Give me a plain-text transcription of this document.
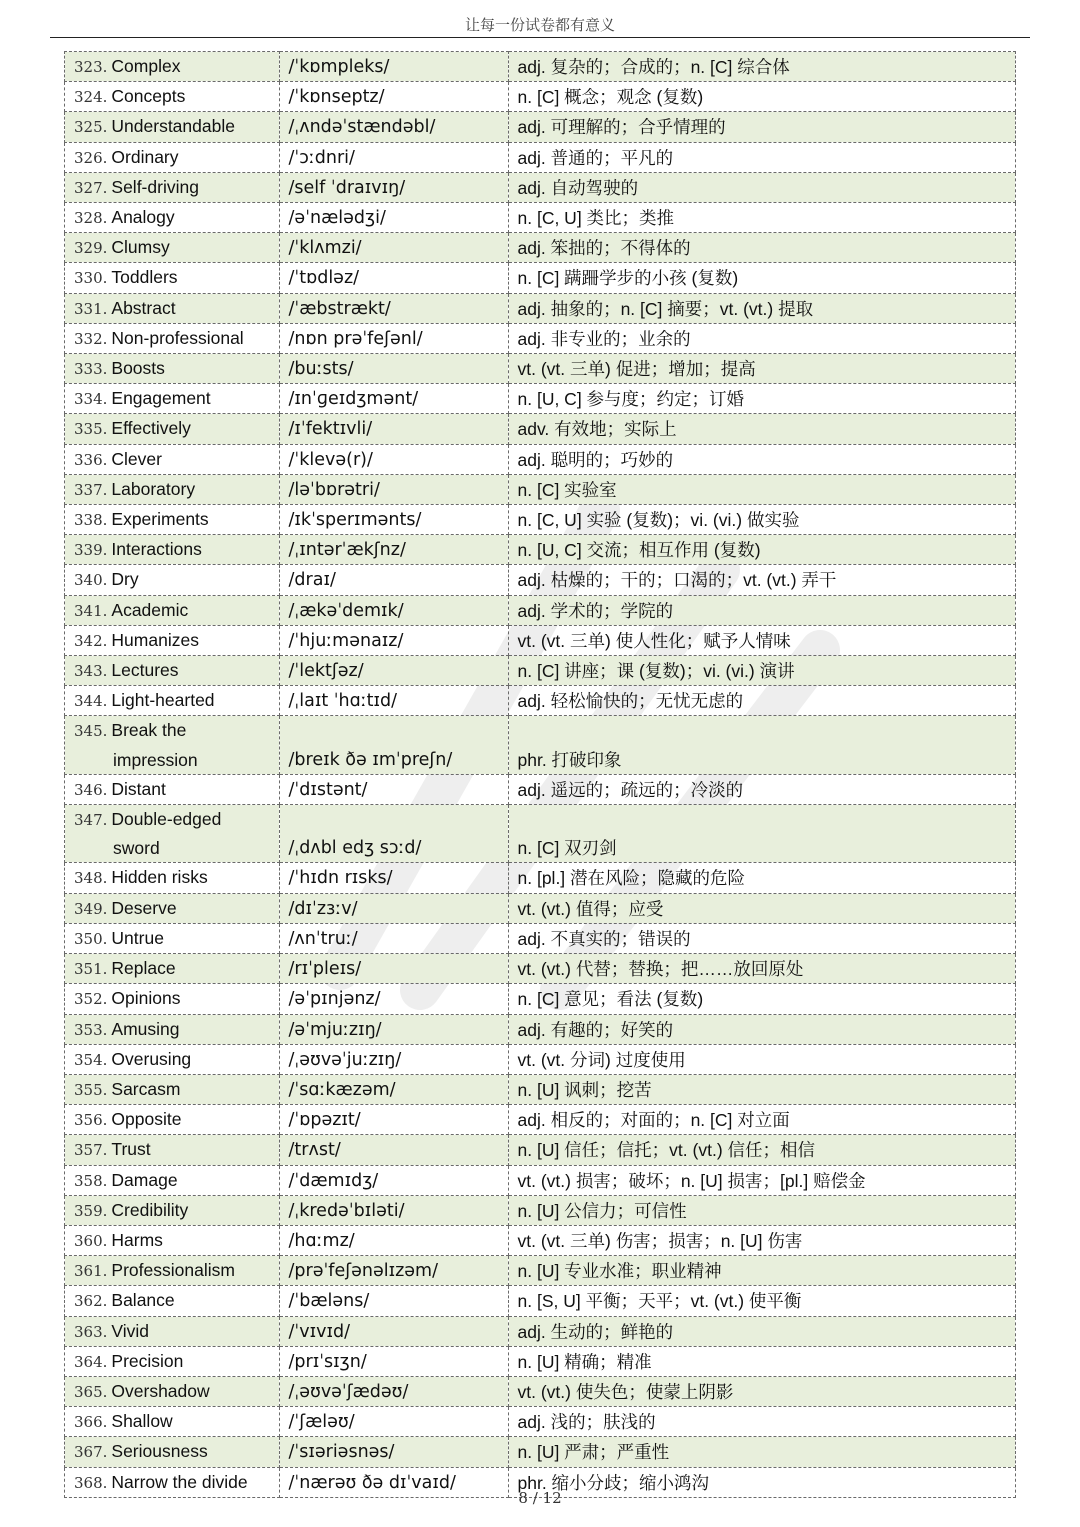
让每一份试卷都有意义
323. Complex	/ˈkɒmpleks/	adj. 复杂的；合成的；n. [C] 综合体
324. Concepts	/ˈkɒnseptz/	n. [C] 概念；观念 (复数)
325. Understandable	/ˌʌndəˈstændəbl/	adj. 可理解的；合乎情理的
326. Ordinary	/ˈɔːdnri/	adj. 普通的；平凡的
327. Self-driving	/self ˈdraɪvɪŋ/	adj. 自动驾驶的
328. Analogy	/əˈnælədʒi/	n. [C, U] 类比；类推
329. Clumsy	/ˈklʌmzi/	adj. 笨拙的；不得体的
330. Toddlers	/ˈtɒdləz/	n. [C] 蹒跚学步的小孩 (复数)
331. Abstract	/ˈæbstrækt/	adj. 抽象的；n. [C] 摘要；vt. (vt.) 提取
332. Non-professional	/nɒn prəˈfeʃənl/	adj. 非专业的；业余的
333. Boosts	/buːsts/	vt. (vt. 三单) 促进；增加；提高
334. Engagement	/ɪnˈɡeɪdʒmənt/	n. [U, C] 参与度；约定；订婚
335. Effectively	/ɪˈfektɪvli/	adv. 有效地；实际上
336. Clever	/ˈklevə(r)/	adj. 聪明的；巧妙的
337. Laboratory	/ləˈbɒrətri/	n. [C] 实验室
338. Experiments	/ɪkˈsperɪmənts/	n. [C, U] 实验 (复数)；vi. (vi.) 做实验
339. Interactions	/ˌɪntərˈækʃnz/	n. [U, C] 交流；相互作用 (复数)
340. Dry	/draɪ/	adj. 枯燥的；干的；口渴的；vt. (vt.) 弄干
341. Academic	/ˌækəˈdemɪk/	adj. 学术的；学院的
342. Humanizes	/ˈhjuːmənaɪz/	vt. (vt. 三单) 使人性化；赋予人情味
343. Lectures	/ˈlektʃəz/	n. [C] 讲座；课 (复数)；vi. (vi.) 演讲
344. Light-hearted	/ˌlaɪt ˈhɑːtɪd/	adj. 轻松愉快的；无忧无虑的
345. Break the
impression	/breɪk ðə ɪmˈpreʃn/	phr. 打破印象
346. Distant	/ˈdɪstənt/	adj. 遥远的；疏远的；冷淡的
347. Double-edged
sword	/ˌdʌbl edʒ sɔːd/	n. [C] 双刃剑
348. Hidden risks	/ˈhɪdn rɪsks/	n. [pl.] 潜在风险；隐藏的危险
349. Deserve	/dɪˈzɜːv/	vt. (vt.) 值得；应受
350. Untrue	/ʌnˈtruː/	adj. 不真实的；错误的
351. Replace	/rɪˈpleɪs/	vt. (vt.) 代替；替换；把……放回原处
352. Opinions	/əˈpɪnjənz/	n. [C] 意见；看法 (复数)
353. Amusing	/əˈmjuːzɪŋ/	adj. 有趣的；好笑的
354. Overusing	/ˌəʊvəˈjuːzɪŋ/	vt. (vt. 分词) 过度使用
355. Sarcasm	/ˈsɑːkæzəm/	n. [U] 讽刺；挖苦
356. Opposite	/ˈɒpəzɪt/	adj. 相反的；对面的；n. [C] 对立面
357. Trust	/trʌst/	n. [U] 信任；信托；vt. (vt.) 信任；相信
358. Damage	/ˈdæmɪdʒ/	vt. (vt.) 损害；破坏；n. [U] 损害；[pl.] 赔偿金
359. Credibility	/ˌkredəˈbɪləti/	n. [U] 公信力；可信性
360. Harms	/hɑːmz/	vt. (vt. 三单) 伤害；损害；n. [U] 伤害
361. Professionalism	/prəˈfeʃənəlɪzəm/	n. [U] 专业水准；职业精神
362. Balance	/ˈbæləns/	n. [S, U] 平衡；天平；vt. (vt.) 使平衡
363. Vivid	/ˈvɪvɪd/	adj. 生动的；鲜艳的
364. Precision	/prɪˈsɪʒn/	n. [U] 精确；精准
365. Overshadow	/ˌəʊvəˈʃædəʊ/	vt. (vt.) 使失色；使蒙上阴影
366. Shallow	/ˈʃæləʊ/	adj. 浅的；肤浅的
367. Seriousness	/ˈsɪəriəsnəs/	n. [U] 严肃；严重性
368. Narrow the divide	/ˈnærəʊ ðə dɪˈvaɪd/	phr. 缩小分歧；缩小鸿沟
8 / 12
